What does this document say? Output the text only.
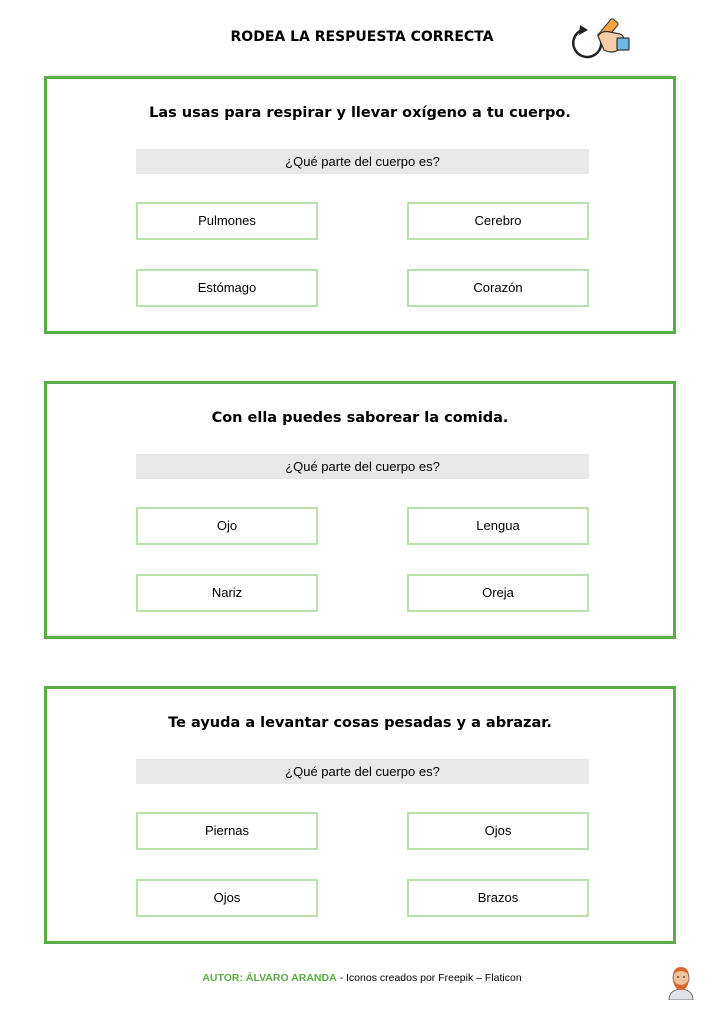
RODEA LA RESPUESTA CORRECTA
Las usas para respirar y llevar oxígeno a tu cuerpo.
¿Qué parte del cuerpo es?
Pulmones	Cerebro
Estómago	Corazón
Con ella puedes saborear la comida.
¿Qué parte del cuerpo es?
Ojo	Lengua
Nariz	Oreja
Te ayuda a levantar cosas pesadas y a abrazar.
¿Qué parte del cuerpo es?
Piernas	Ojos
Ojos	Brazos
AUTOR: ÁLVARO ARANDA - Iconos creados por Freepik – Flaticon
